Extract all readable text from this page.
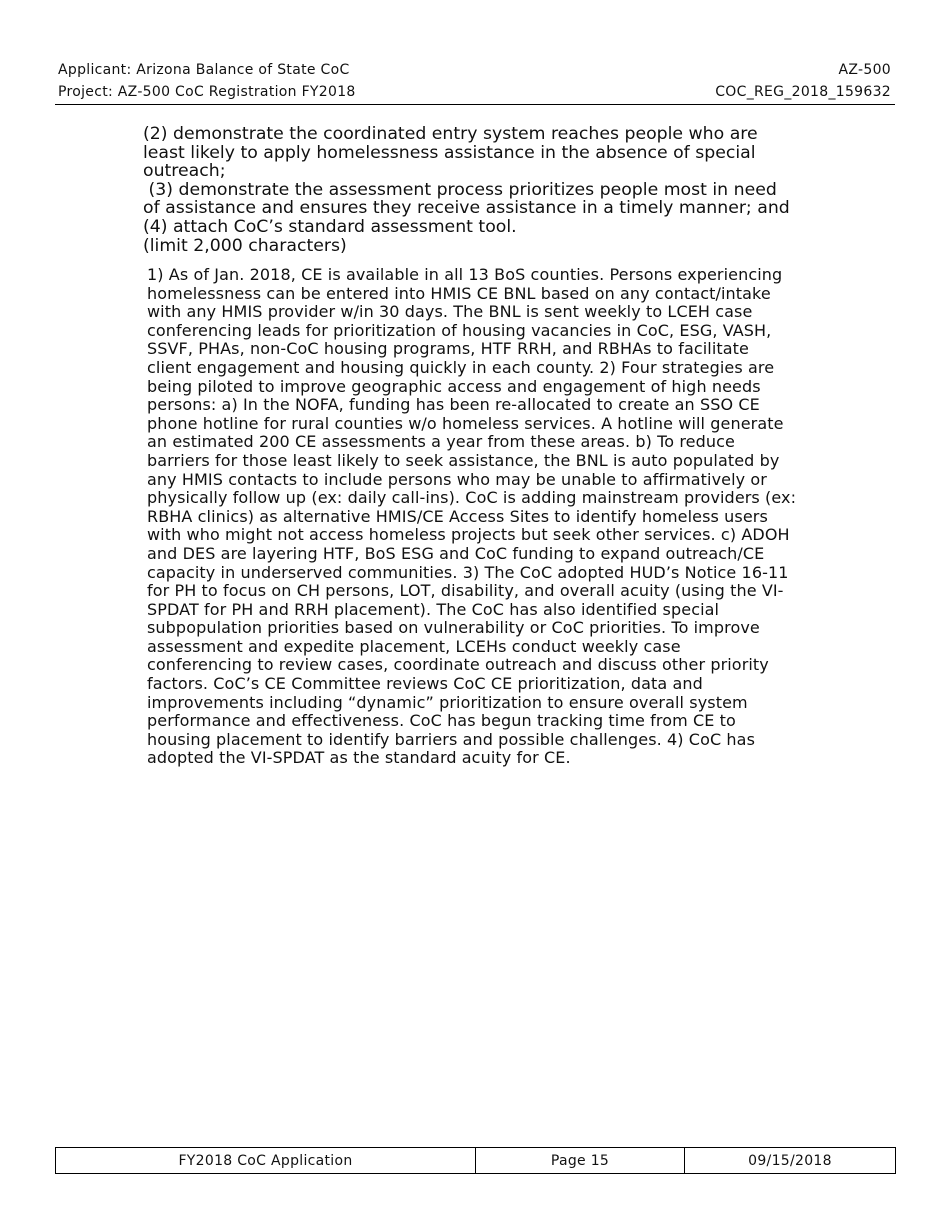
Applicant: Arizona Balance of State CoC	AZ-500
Project: AZ-500 CoC Registration FY2018	COC_REG_2018_159632
(2) demonstrate the coordinated entry system reaches people who are
least likely to apply homelessness assistance in the absence of special
outreach;
(3) demonstrate the assessment process prioritizes people most in need
of assistance and ensures they receive assistance in a timely manner; and
(4) attach CoC’s standard assessment tool.
(limit 2,000 characters)
1) As of Jan. 2018, CE is available in all 13 BoS counties. Persons experiencing
homelessness can be entered into HMIS CE BNL based on any contact/intake
with any HMIS provider w/in 30 days. The BNL is sent weekly to LCEH case
conferencing leads for prioritization of housing vacancies in CoC, ESG, VASH,
SSVF, PHAs, non-CoC housing programs, HTF RRH, and RBHAs to facilitate
client engagement and housing quickly in each county. 2) Four strategies are
being piloted to improve geographic access and engagement of high needs
persons: a) In the NOFA, funding has been re-allocated to create an SSO CE
phone hotline for rural counties w/o homeless services. A hotline will generate
an estimated 200 CE assessments a year from these areas. b) To reduce
barriers for those least likely to seek assistance, the BNL is auto populated by
any HMIS contacts to include persons who may be unable to affirmatively or
physically follow up (ex: daily call-ins). CoC is adding mainstream providers (ex:
RBHA clinics) as alternative HMIS/CE Access Sites to identify homeless users
with who might not access homeless projects but seek other services. c) ADOH
and DES are layering HTF, BoS ESG and CoC funding to expand outreach/CE
capacity in underserved communities. 3) The CoC adopted HUD’s Notice 16-11
for PH to focus on CH persons, LOT, disability, and overall acuity (using the VI-
SPDAT for PH and RRH placement). The CoC has also identified special
subpopulation priorities based on vulnerability or CoC priorities. To improve
assessment and expedite placement, LCEHs conduct weekly case
conferencing to review cases, coordinate outreach and discuss other priority
factors. CoC’s CE Committee reviews CoC CE prioritization, data and
improvements including “dynamic” prioritization to ensure overall system
performance and effectiveness. CoC has begun tracking time from CE to
housing placement to identify barriers and possible challenges. 4) CoC has
adopted the VI-SPDAT as the standard acuity for CE.
FY2018 CoC Application	Page 15	09/15/2018
